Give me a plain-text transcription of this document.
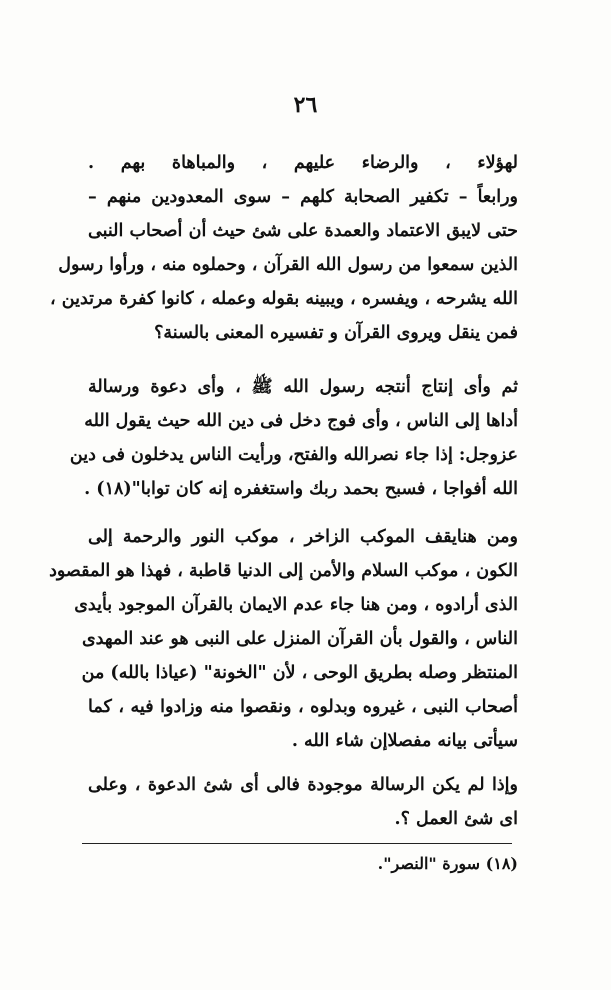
٢٦

لهؤلاء ، والرضاء عليهم ، والمباهاة بهم .
ورابعاً – تكفير الصحابة كلهم – سوى المعدودين منهم –
حتى لايبق الاعتماد والعمدة على شئ حيث أن أصحاب النبى
الذين سمعوا من رسول الله القرآن ، وحملوه منه ، ورأوا رسول
الله يشرحه ، ويفسره ، ويبينه بقوله وعمله ، كانوا كفرة مرتدين ،
فمن ينقل ويروى القرآن و تفسيره المعنى بالسنة؟

ثم وأى إنتاج أنتجه رسول الله ﷺ ، وأى دعوة ورسالة
أداها إلى الناس ، وأى فوج دخل فى دين الله حيث يقول الله
عزوجل: إذا جاء نصرالله والفتح، ورأيت الناس يدخلون فى دين
الله أفواجا ، فسبح بحمد ربك واستغفره إنه كان توابا"(١٨) .

ومن هنايقف الموكب الزاخر ، موكب النور والرحمة إلى
الكون ، موكب السلام والأمن إلى الدنيا قاطبة ، فهذا هو المقصود
الذى أرادوه ، ومن هنا جاء عدم الايمان بالقرآن الموجود بأيدى
الناس ، والقول بأن القرآن المنزل على النبى هو عند المهدى
المنتظر وصله بطريق الوحى ، لأن "الخونة" (عياذا بالله) من
أصحاب النبى ، غيروه وبدلوه ، ونقصوا منه وزادوا فيه ، كما
سيأتى بيانه مفصلاإن شاء الله .

وإذا لم يكن الرسالة موجودة فالى أى شئ الدعوة ، وعلى
اى شئ العمل ؟.

(١٨) سورة "النصر".
